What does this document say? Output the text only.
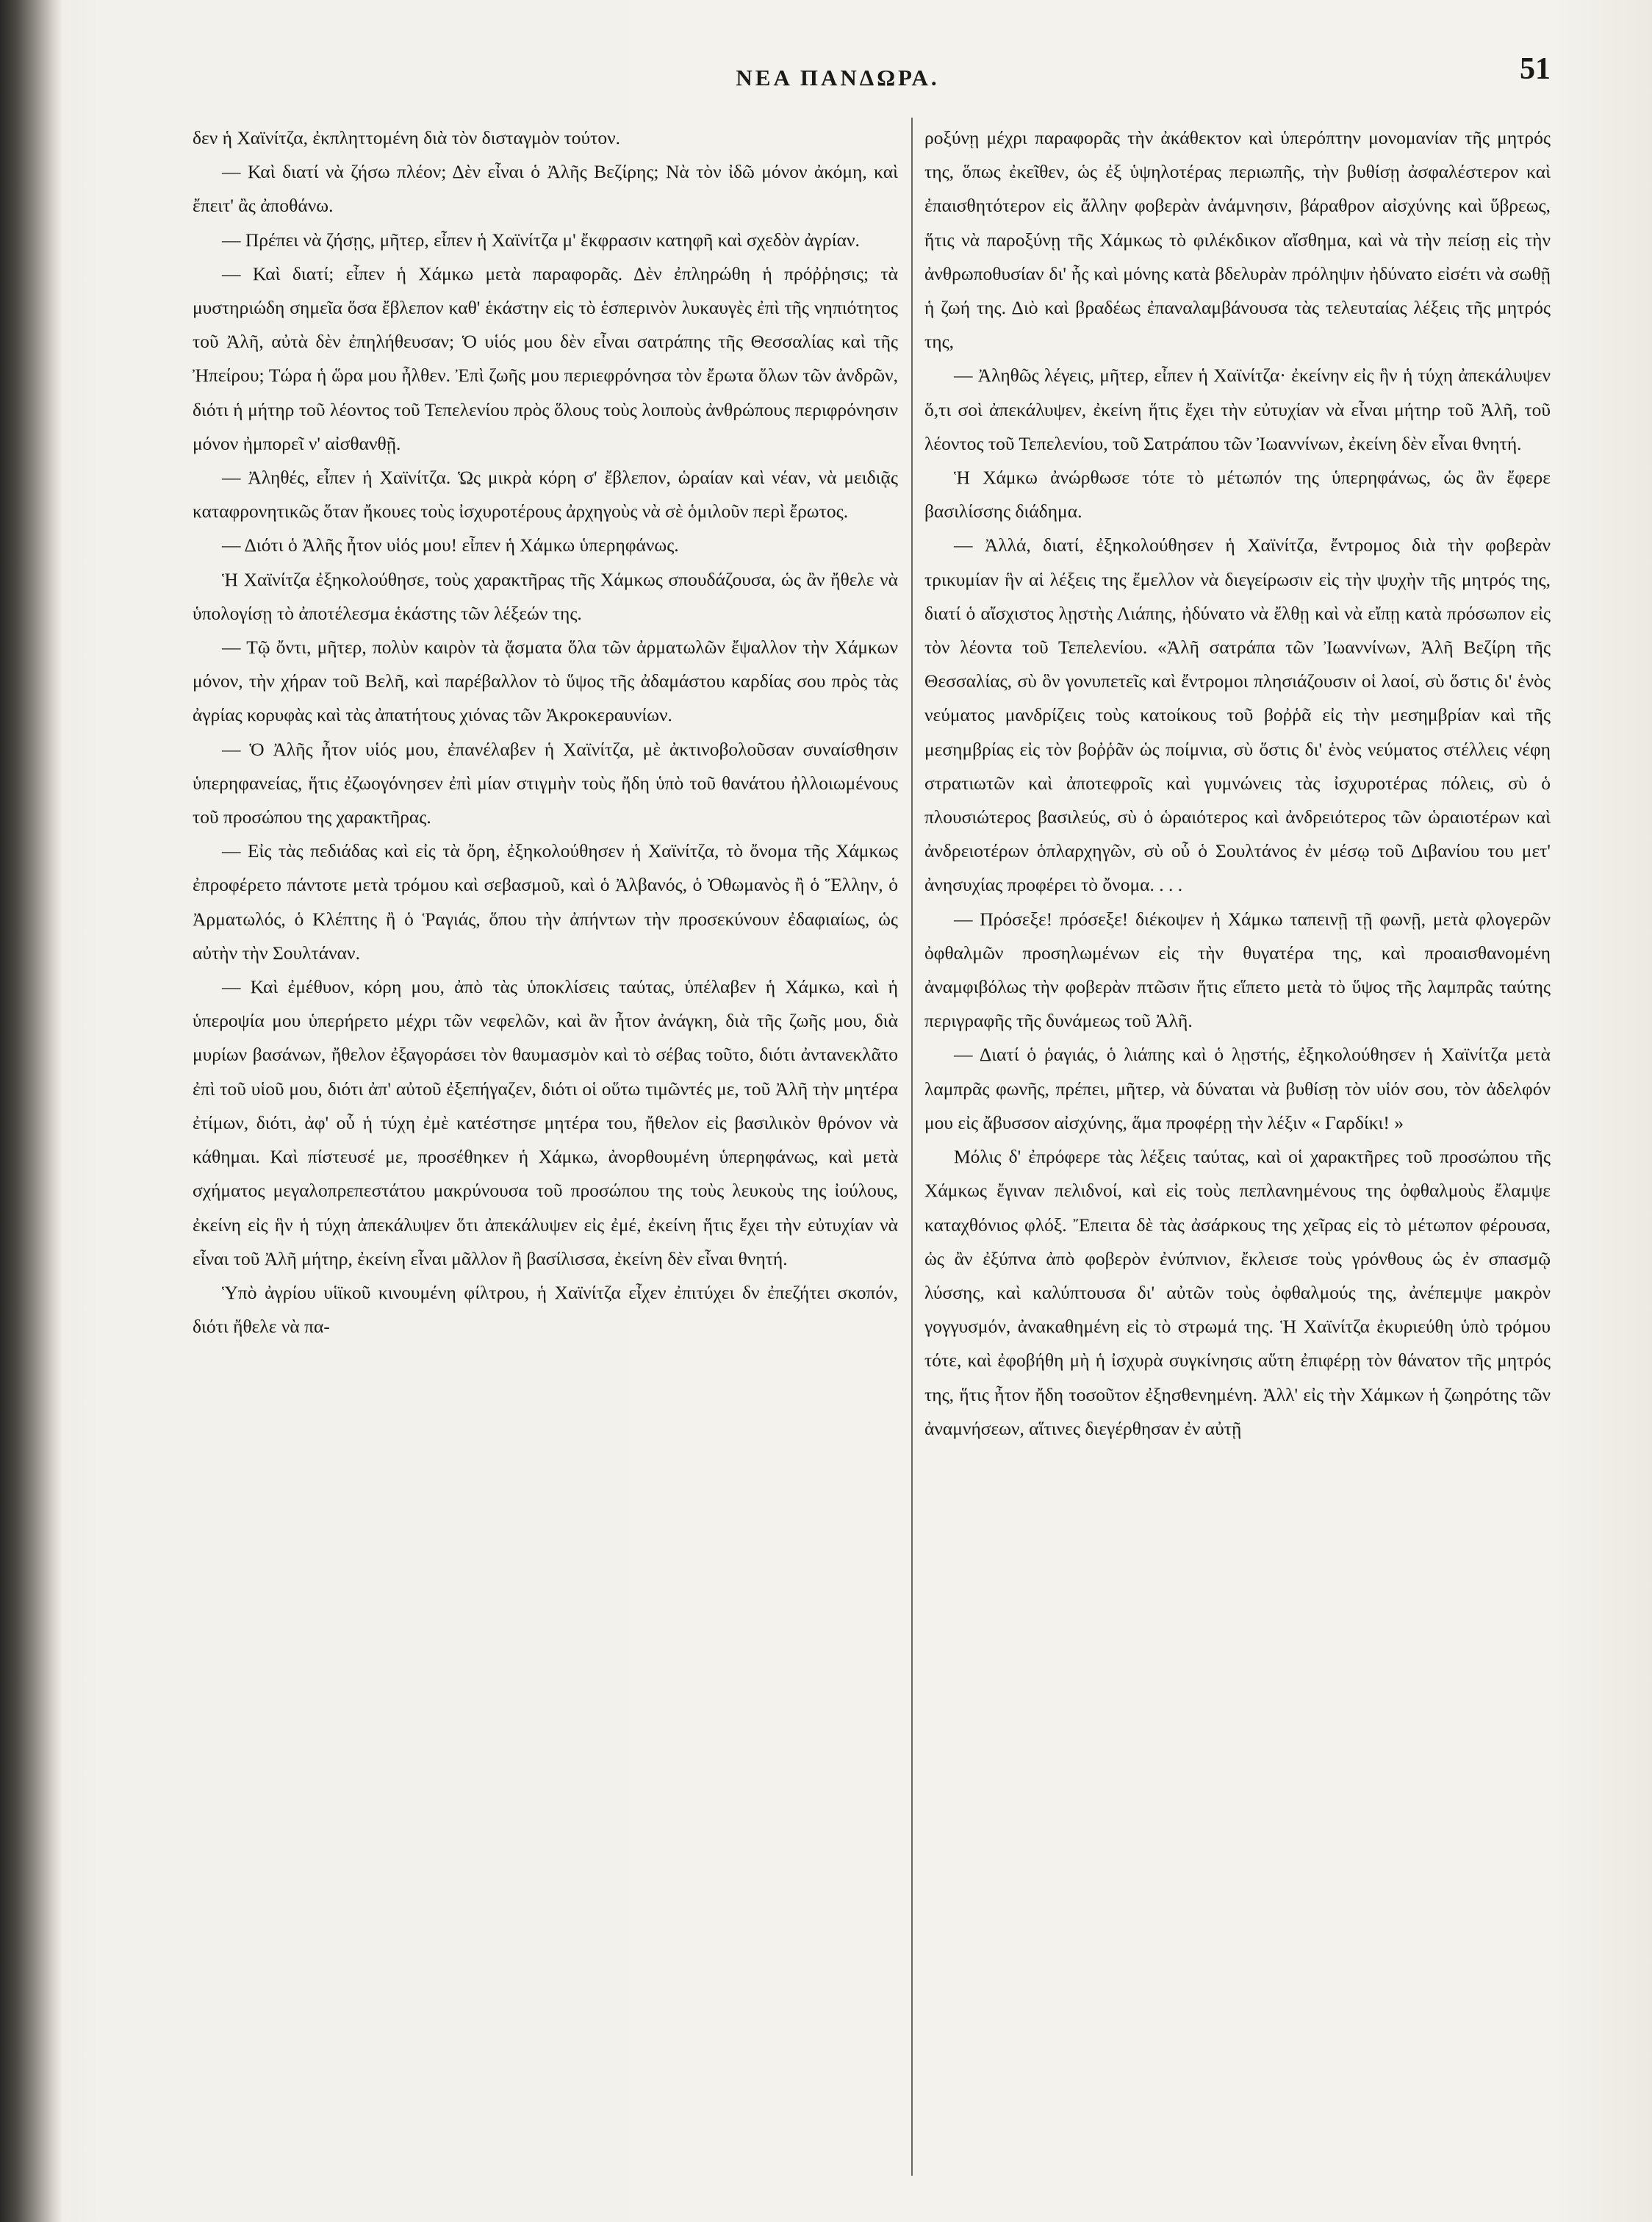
ΝΕΑ ΠΑΝΔΩΡΑ.	51

δεν ἡ Χαϊνίτζα, ἐκπληττομένη διὰ τὸν δισταγμὸν τούτον.

— Καὶ διατί νὰ ζήσω πλέον; Δὲν εἶναι ὁ Ἀλῆς Βεζίρης; Νὰ τὸν ἰδῶ μόνον ἀκόμη, καὶ ἔπειτ' ἂς ἀποθάνω.

— Πρέπει νὰ ζήσῃς, μῆτερ, εἶπεν ἡ Χαϊνίτζα μ' ἔκφρασιν κατηφῆ καὶ σχεδὸν ἀγρίαν.

— Καὶ διατί; εἶπεν ἡ Χάμκω μετὰ παραφορᾶς. Δὲν ἐπληρώθη ἡ πρόῤῥησις; τὰ μυστηριώδη σημεῖα ὅσα ἔβλεπον καθ' ἑκάστην εἰς τὸ ἑσπερινὸν λυκαυγὲς ἐπὶ τῆς νηπιότητος τοῦ Ἀλῆ, αὐτὰ δὲν ἐπηλήθευσαν; Ὁ υἱός μου δὲν εἶναι σατράπης τῆς Θεσσαλίας καὶ τῆς Ἠπείρου; Τώρα ἡ ὥρα μου ἦλθεν. Ἐπὶ ζωῆς μου περιεφρόνησα τὸν ἔρωτα ὅλων τῶν ἀνδρῶν, διότι ἡ μήτηρ τοῦ λέοντος τοῦ Τεπελενίου πρὸς ὅλους τοὺς λοιποὺς ἀνθρώπους περιφρόνησιν μόνον ἠμπορεῖ ν' αἰσθανθῇ.

— Ἀληθές, εἶπεν ἡ Χαϊνίτζα. Ὡς μικρὰ κόρη σ' ἔβλεπον, ὡραίαν καὶ νέαν, νὰ μειδιᾷς καταφρονητικῶς ὅταν ἤκουες τοὺς ἰσχυροτέρους ἀρχηγοὺς νὰ σὲ ὁμιλοῦν περὶ ἔρωτος.

— Διότι ὁ Ἀλῆς ἦτον υἱός μου! εἶπεν ἡ Χάμκω ὑπερηφάνως.

Ἡ Χαϊνίτζα ἐξηκολούθησε, τοὺς χαρακτῆρας τῆς Χάμκως σπουδάζουσα, ὡς ἂν ἤθελε νὰ ὑπολογίσῃ τὸ ἀποτέλεσμα ἑκάστης τῶν λέξεών της.

— Τῷ ὄντι, μῆτερ, πολὺν καιρὸν τὰ ᾄσματα ὅλα τῶν ἀρματωλῶν ἔψαλλον τὴν Χάμκων μόνον, τὴν χήραν τοῦ Βελῆ, καὶ παρέβαλλον τὸ ὕψος τῆς ἀδαμάστου καρδίας σου πρὸς τὰς ἀγρίας κορυφὰς καὶ τὰς ἀπατήτους χιόνας τῶν Ἀκροκεραυνίων.

— Ὁ Ἀλῆς ἦτον υἱός μου, ἐπανέλαβεν ἡ Χαϊνίτζα, μὲ ἀκτινοβολοῦσαν συναίσθησιν ὑπερηφανείας, ἥτις ἐζωογόνησεν ἐπὶ μίαν στιγμὴν τοὺς ἤδη ὑπὸ τοῦ θανάτου ἠλλοιωμένους τοῦ προσώπου της χαρακτῆρας.

— Εἰς τὰς πεδιάδας καὶ εἰς τὰ ὄρη, ἐξηκολούθησεν ἡ Χαϊνίτζα, τὸ ὄνομα τῆς Χάμκως ἐπροφέρετο πάντοτε μετὰ τρόμου καὶ σεβασμοῦ, καὶ ὁ Ἀλβανός, ὁ Ὀθωμανὸς ἢ ὁ Ἕλλην, ὁ Ἀρματωλός, ὁ Κλέπτης ἢ ὁ Ῥαγιάς, ὅπου τὴν ἀπήντων τὴν προσεκύνουν ἐδαφιαίως, ὡς αὐτὴν τὴν Σουλτάναν.

— Καὶ ἐμέθυον, κόρη μου, ἀπὸ τὰς ὑποκλίσεις ταύτας, ὑπέλαβεν ἡ Χάμκω, καὶ ἡ ὑπεροψία μου ὑπερήρετο μέχρι τῶν νεφελῶν, καὶ ἂν ἦτον ἀνάγκη, διὰ τῆς ζωῆς μου, διὰ μυρίων βασάνων, ἤθελον ἐξαγοράσει τὸν θαυμασμὸν καὶ τὸ σέβας τοῦτο, διότι ἀντανεκλᾶτο ἐπὶ τοῦ υἱοῦ μου, διότι ἀπ' αὐτοῦ ἐξεπήγαζεν, διότι οἱ οὕτω τιμῶντές με, τοῦ Ἀλῆ τὴν μητέρα ἐτίμων, διότι, ἀφ' οὗ ἡ τύχη ἐμὲ κατέστησε μητέρα του, ἤθελον εἰς βασιλικὸν θρόνον νὰ κάθημαι. Καὶ πίστευσέ με, προσέθηκεν ἡ Χάμκω, ἀνορθουμένη ὑπερηφάνως, καὶ μετὰ σχήματος μεγαλοπρεπεστάτου μακρύνουσα τοῦ προσώπου της τοὺς λευκοὺς της ἰούλους, ἐκείνη εἰς ἣν ἡ τύχη ἀπεκάλυψεν ὅτι ἀπεκάλυψεν εἰς ἐμέ, ἐκείνη ἥτις ἔχει τὴν εὐτυχίαν νὰ εἶναι τοῦ Ἀλῆ μήτηρ, ἐκείνη εἶναι μᾶλλον ἢ βασίλισσα, ἐκείνη δὲν εἶναι θνητή.

Ὑπὸ ἀγρίου υἱϊκοῦ κινουμένη φίλτρου, ἡ Χαϊνίτζα εἶχεν ἐπιτύχει δν ἐπεζήτει σκοπόν, διότι ἤθελε νὰ πα-

ροξύνῃ μέχρι παραφορᾶς τὴν ἀκάθεκτον καὶ ὑπερόπτην μονομανίαν τῆς μητρός της, ὅπως ἐκεῖθεν, ὡς ἐξ ὑψηλοτέρας περιωπῆς, τὴν βυθίσῃ ἀσφαλέστερον καὶ ἐπαισθητότερον εἰς ἄλλην φοβερὰν ἀνάμνησιν, βάραθρον αἰσχύνης καὶ ὕβρεως, ἥτις νὰ παροξύνῃ τῆς Χάμκως τὸ φιλέκδικον αἴσθημα, καὶ νὰ τὴν πείσῃ εἰς τὴν ἀνθρωποθυσίαν δι' ἧς καὶ μόνης κατὰ βδελυρὰν πρόληψιν ἠδύνατο εἰσέτι νὰ σωθῇ ἡ ζωή της. Διὸ καὶ βραδέως ἐπαναλαμβάνουσα τὰς τελευταίας λέξεις τῆς μητρός της,

— Ἀληθῶς λέγεις, μῆτερ, εἶπεν ἡ Χαϊνίτζα· ἐκείνην εἰς ἣν ἡ τύχη ἀπεκάλυψεν ὅ,τι σοὶ ἀπεκάλυψεν, ἐκείνη ἥτις ἔχει τὴν εὐτυχίαν νὰ εἶναι μήτηρ τοῦ Ἀλῆ, τοῦ λέοντος τοῦ Τεπελενίου, τοῦ Σατράπου τῶν Ἰωαννίνων, ἐκείνη δὲν εἶναι θνητή.

Ἡ Χάμκω ἀνώρθωσε τότε τὸ μέτωπόν της ὑπερηφάνως, ὡς ἂν ἔφερε βασιλίσσης διάδημα.

— Ἀλλά, διατί, ἐξηκολούθησεν ἡ Χαϊνίτζα, ἔντρομος διὰ τὴν φοβερὰν τρικυμίαν ἣν αἱ λέξεις της ἔμελλον νὰ διεγείρωσιν εἰς τὴν ψυχὴν τῆς μητρός της, διατί ὁ αἴσχιστος λῃστὴς Λιάπης, ἠδύνατο νὰ ἔλθῃ καὶ νὰ εἴπῃ κατὰ πρόσωπον εἰς τὸν λέοντα τοῦ Τεπελενίου. «Ἀλῆ σατράπα τῶν Ἰωαννίνων, Ἀλῆ Βεζίρη τῆς Θεσσαλίας, σὺ ὃν γονυπετεῖς καὶ ἔντρομοι πλησιάζουσιν οἱ λαοί, σὺ ὅστις δι' ἑνὸς νεύματος μανδρίζεις τοὺς κατοίκους τοῦ βοῤῥᾶ εἰς τὴν μεσημβρίαν καὶ τῆς μεσημβρίας εἰς τὸν βοῤῥᾶν ὡς ποίμνια, σὺ ὅστις δι' ἑνὸς νεύματος στέλλεις νέφη στρατιωτῶν καὶ ἀποτεφροῖς καὶ γυμνώνεις τὰς ἰσχυροτέρας πόλεις, σὺ ὁ πλουσιώτερος βασιλεύς, σὺ ὁ ὡραιότερος καὶ ἀνδρειότερος τῶν ὡραιοτέρων καὶ ἀνδρειοτέρων ὁπλαρχηγῶν, σὺ οὗ ὁ Σουλτάνος ἐν μέσῳ τοῦ Διβανίου του μετ' ἀνησυχίας προφέρει τὸ ὄνομα. . . .

— Πρόσεξε! πρόσεξε! διέκοψεν ἡ Χάμκω ταπεινῇ τῇ φωνῇ, μετὰ φλογερῶν ὀφθαλμῶν προσηλωμένων εἰς τὴν θυγατέρα της, καὶ προαισθανομένη ἀναμφιβόλως τὴν φοβερὰν πτῶσιν ἥτις εἵπετο μετὰ τὸ ὕψος τῆς λαμπρᾶς ταύτης περιγραφῆς τῆς δυνάμεως τοῦ Ἀλῆ.

— Διατί ὁ ῥαγιάς, ὁ λιάπης καὶ ὁ λῃστής, ἐξηκολούθησεν ἡ Χαϊνίτζα μετὰ λαμπρᾶς φωνῆς, πρέπει, μῆτερ, νὰ δύναται νὰ βυθίσῃ τὸν υἱόν σου, τὸν ἀδελφόν μου εἰς ἄβυσσον αἰσχύνης, ἅμα προφέρῃ τὴν λέξιν « Γαρδίκι! »

Μόλις δ' ἐπρόφερε τὰς λέξεις ταύτας, καὶ οἱ χαρακτῆρες τοῦ προσώπου τῆς Χάμκως ἔγιναν πελιδνοί, καὶ εἰς τοὺς πεπλανημένους της ὀφθαλμοὺς ἔλαμψε καταχθόνιος φλόξ. Ἔπειτα δὲ τὰς ἀσάρκους της χεῖρας εἰς τὸ μέτωπον φέρουσα, ὡς ἂν ἐξύπνα ἀπὸ φοβερὸν ἐνύπνιον, ἔκλεισε τοὺς γρόνθους ὡς ἐν σπασμῷ λύσσης, καὶ καλύπτουσα δι' αὐτῶν τοὺς ὀφθαλμούς της, ἀνέπεμψε μακρὸν γογγυσμόν, ἀνακαθημένη εἰς τὸ στρωμά της. Ἡ Χαϊνίτζα ἐκυριεύθη ὑπὸ τρόμου τότε, καὶ ἐφοβήθη μὴ ἡ ἰσχυρὰ συγκίνησις αὕτη ἐπιφέρῃ τὸν θάνατον τῆς μητρός της, ἥτις ἦτον ἤδη τοσοῦτον ἐξησθενημένη. Ἀλλ' εἰς τὴν Χάμκων ἡ ζωηρότης τῶν ἀναμνήσεων, αἵτινες διεγέρθησαν ἐν αὐτῇ
